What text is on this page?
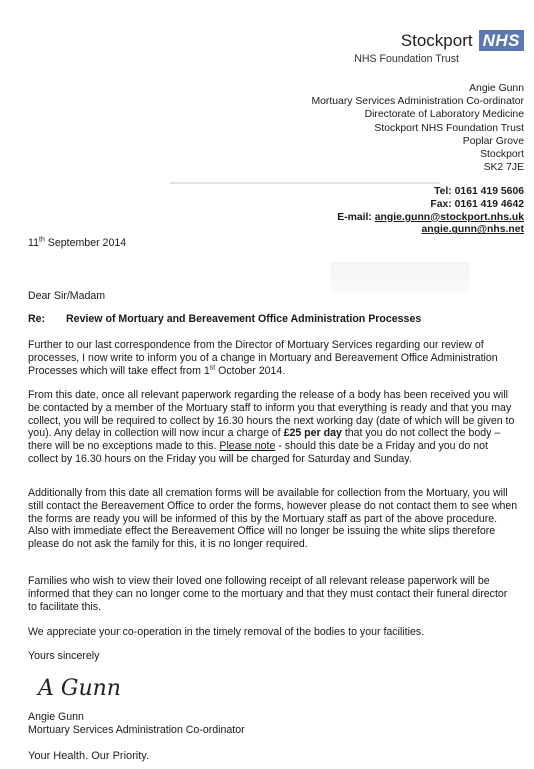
Stockport NHS
NHS Foundation Trust
Angie Gunn
Mortuary Services Administration Co-ordinator
Directorate of Laboratory Medicine
Stockport NHS Foundation Trust
Poplar Grove
Stockport
SK2 7JE
Tel: 0161 419 5606
Fax: 0161 419 4642
E-mail: angie.gunn@stockport.nhs.uk
angie.gunn@nhs.net
11th September 2014
Dear Sir/Madam
Re: Review of Mortuary and Bereavement Office Administration Processes
Further to our last correspondence from the Director of Mortuary Services regarding our review of processes, I now write to inform you of a change in Mortuary and Bereavement Office Administration Processes which will take effect from 1st October 2014.
From this date, once all relevant paperwork regarding the release of a body has been received you will be contacted by a member of the Mortuary staff to inform you that everything is ready and that you may collect, you will be required to collect by 16.30 hours the next working day (date of which will be given to you). Any delay in collection will now incur a charge of £25 per day that you do not collect the body – there will be no exceptions made to this. Please note - should this date be a Friday and you do not collect by 16.30 hours on the Friday you will be charged for Saturday and Sunday.
Additionally from this date all cremation forms will be available for collection from the Mortuary, you will still contact the Bereavement Office to order the forms, however please do not contact them to see when the forms are ready you will be informed of this by the Mortuary staff as part of the above procedure. Also with immediate effect the Bereavement Office will no longer be issuing the white slips therefore please do not ask the family for this, it is no longer required.
Families who wish to view their loved one following receipt of all relevant release paperwork will be informed that they can no longer come to the mortuary and that they must contact their funeral director to facilitate this.
We appreciate your co-operation in the timely removal of the bodies to your facilities.
Yours sincerely
A Gunn
Angie Gunn
Mortuary Services Administration Co-ordinator
Your Health. Our Priority.
